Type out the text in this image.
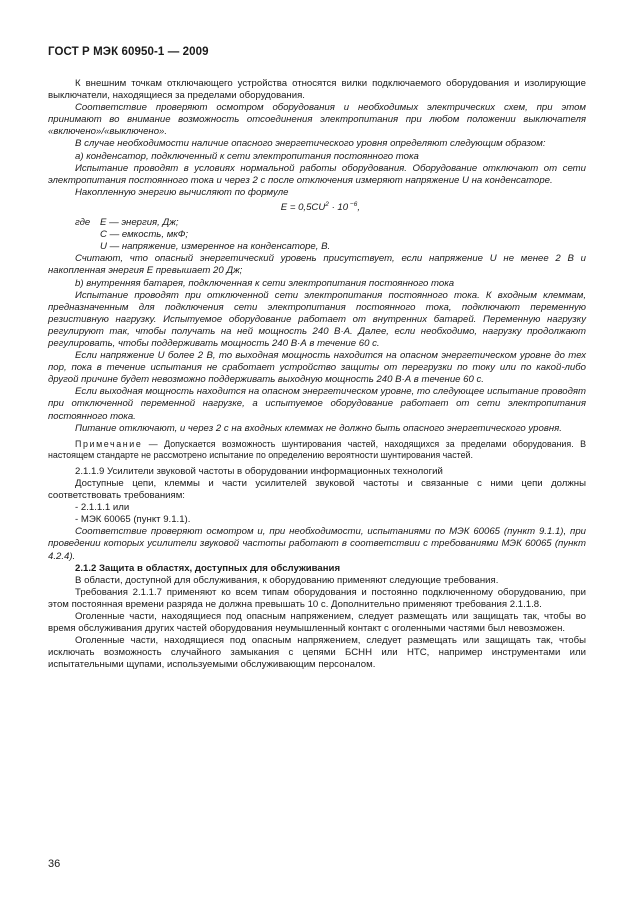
ГОСТ Р МЭК 60950-1 — 2009

К внешним точкам отключающего устройства относятся вилки подключаемого оборудования и изолирующие выключатели, находящиеся за пределами оборудования.

Соответствие проверяют осмотром оборудования и необходимых электрических схем, при этом принимают во внимание возможность отсоединения электропитания при любом положении выключателя «включено»/«выключено».

В случае необходимости наличие опасного энергетического уровня определяют следующим образом:

a) конденсатор, подключенный к сети электропитания постоянного тока

Испытание проводят в условиях нормальной работы оборудования. Оборудование отключают от сети электропитания постоянного тока и через 2 с после отключения измеряют напряжение U на конденсаторе.

Накопленную энергию вычисляют по формуле

$E = 0,5CU^2 \cdot 10$ $^{-6}$,

где E — энергия, Дж;

C — емкость, мкФ;

U — напряжение, измеренное на конденсаторе, В.

Считают, что опасный энергетический уровень присутствует, если напряжение U не менее 2 В и накопленная энергия E превышает 20 Дж;

b) внутренняя батарея, подключенная к сети электропитания постоянного тока

Испытание проводят при отключенной сети электропитания постоянного тока. К входным клеммам, предназначенным для подключения сети электропитания постоянного тока, подключают переменную резистивную нагрузку. Испытуемое оборудование работает от внутренних батарей. Переменную нагрузку регулируют так, чтобы получать на ней мощность 240 В·А. Далее, если необходимо, нагрузку продолжают регулировать, чтобы поддерживать мощность 240 В·А в течение 60 с.

Если напряжение U более 2 В, то выходная мощность находится на опасном энергетическом уровне до тех пор, пока в течение испытания не сработает устройство защиты от перегрузки по току или по какой-либо другой причине будет невозможно поддерживать выходную мощность 240 В·А в течение 60 с.

Если выходная мощность находится на опасном энергетическом уровне, то следующее испытание проводят при отключенной переменной нагрузке, а испытуемое оборудование работает от сети электропитания постоянного тока.

Питание отключают, и через 2 с на входных клеммах не должно быть опасного энергетического уровня.

Примечание — Допускается возможность шунтирования частей, находящихся за пределами оборудования. В настоящем стандарте не рассмотрено испытание по определению вероятности шунтирования частей.

2.1.1.9 Усилители звуковой частоты в оборудовании информационных технологий

Доступные цепи, клеммы и части усилителей звуковой частоты и связанные с ними цепи должны соответствовать требованиям:

- 2.1.1.1 или

- МЭК 60065 (пункт 9.1.1).

Соответствие проверяют осмотром и, при необходимости, испытаниями по МЭК 60065 (пункт 9.1.1), при проведении которых усилители звуковой частоты работают в соответствии с требованиями МЭК 60065 (пункт 4.2.4).

2.1.2 Защита в областях, доступных для обслуживания

В области, доступной для обслуживания, к оборудованию применяют следующие требования.

Требования 2.1.1.7 применяют ко всем типам оборудования и постоянно подключенному оборудованию, при этом постоянная времени разряда не должна превышать 10 с. Дополнительно применяют требования 2.1.1.8.

Оголенные части, находящиеся под опасным напряжением, следует размещать или защищать так, чтобы во время обслуживания других частей оборудования неумышленный контакт с оголенными частями был невозможен.

Оголенные части, находящиеся под опасным напряжением, следует размещать или защищать так, чтобы исключать возможность случайного замыкания с цепями БСНН или НТС, например инструментами или испытательными щупами, используемыми обслуживающим персоналом.

36
